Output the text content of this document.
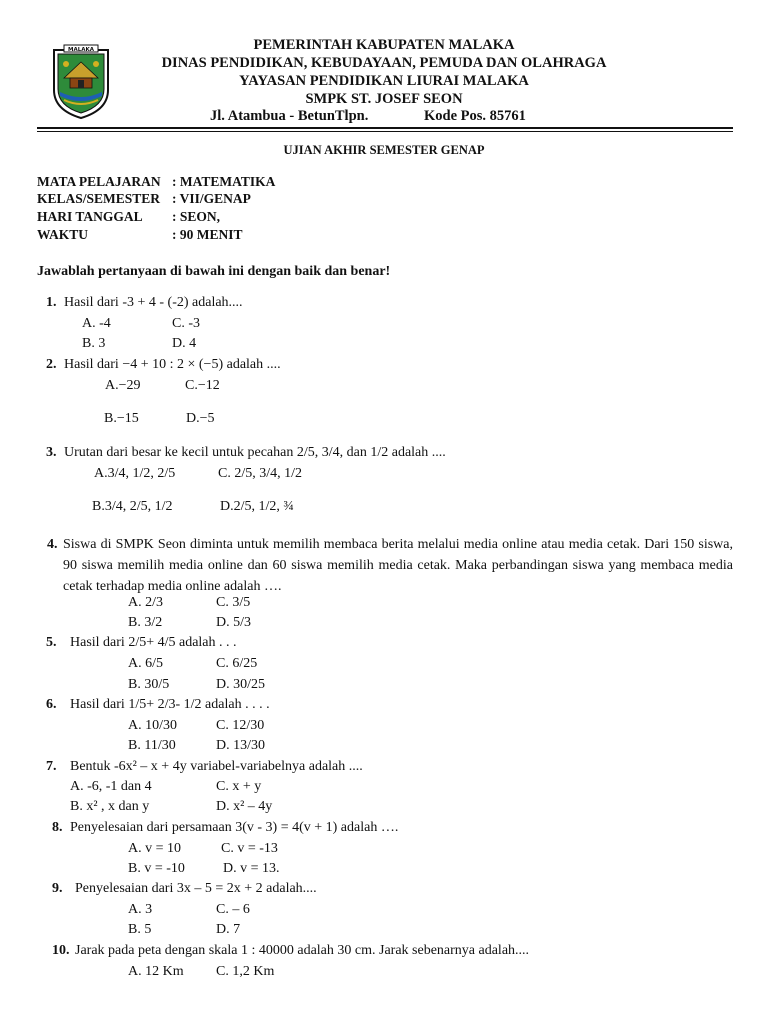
MALAKA	PEMERINTAH KABUPATEN MALAKA
DINAS PENDIDIKAN, KEBUDAYAAN, PEMUDA DAN OLAHRAGA
YAYASAN PENDIDIKAN LIURAI MALAKA
SMPK ST. JOSEF SEON
Jl. Atambua - BetunTlpn.	Kode Pos. 85761
UJIAN AKHIR SEMESTER GENAP
MATA PELAJARAN : MATEMATIKA
KELAS/SEMESTER : VII/GENAP
HARI TANGGAL : SEON,
WAKTU	: 90 MENIT
Jawablah pertanyaan di bawah ini dengan baik dan benar!
1. Hasil dari -3 + 4 - (-2) adalah....
A. -4	C. -3
B. 3	D. 4
2. Hasil dari −4 + 10 : 2 × (−5) adalah ....
A.−29	C.−12
B.−15	D.−5
3. Urutan dari besar ke kecil untuk pecahan 2/5, 3/4, dan 1/2 adalah ....
A.3/4, 1/2, 2/5	C. 2/5, 3/4, 1/2
B.3/4, 2/5, 1/2	D.2/5, 1/2, ¾
4. Siswa di SMPK Seon diminta untuk memilih membaca berita melalui media online atau media cetak. Dari 150 siswa, 90 siswa memilih media online dan 60 siswa memilih media cetak. Maka perbandingan siswa yang membaca media cetak terhadap media online adalah ….
A. 2/3	C. 3/5
B. 3/2	D. 5/3
5. Hasil dari 2/5+ 4/5 adalah . . .
A. 6/5	C. 6/25
B. 30/5	D. 30/25
6. Hasil dari 1/5+ 2/3- 1/2 adalah . . . .
A. 10/30	C. 12/30
B. 11/30	D. 13/30
7. Bentuk -6x² – x + 4y variabel-variabelnya adalah ....
A. -6, -1 dan 4	C. x + y
B. x² , x dan y	D. x² – 4y
8. Penyelesaian dari persamaan 3(v - 3) = 4(v + 1) adalah ….
A. v = 10	C. v = -13
B. v = -10	D. v = 13.
9. Penyelesaian dari 3x – 5 = 2x + 2 adalah....
A. 3	C. – 6
B. 5	D. 7
10. Jarak pada peta dengan skala 1 : 40000 adalah 30 cm. Jarak sebenarnya adalah....
A. 12 Km C. 1,2 Km
